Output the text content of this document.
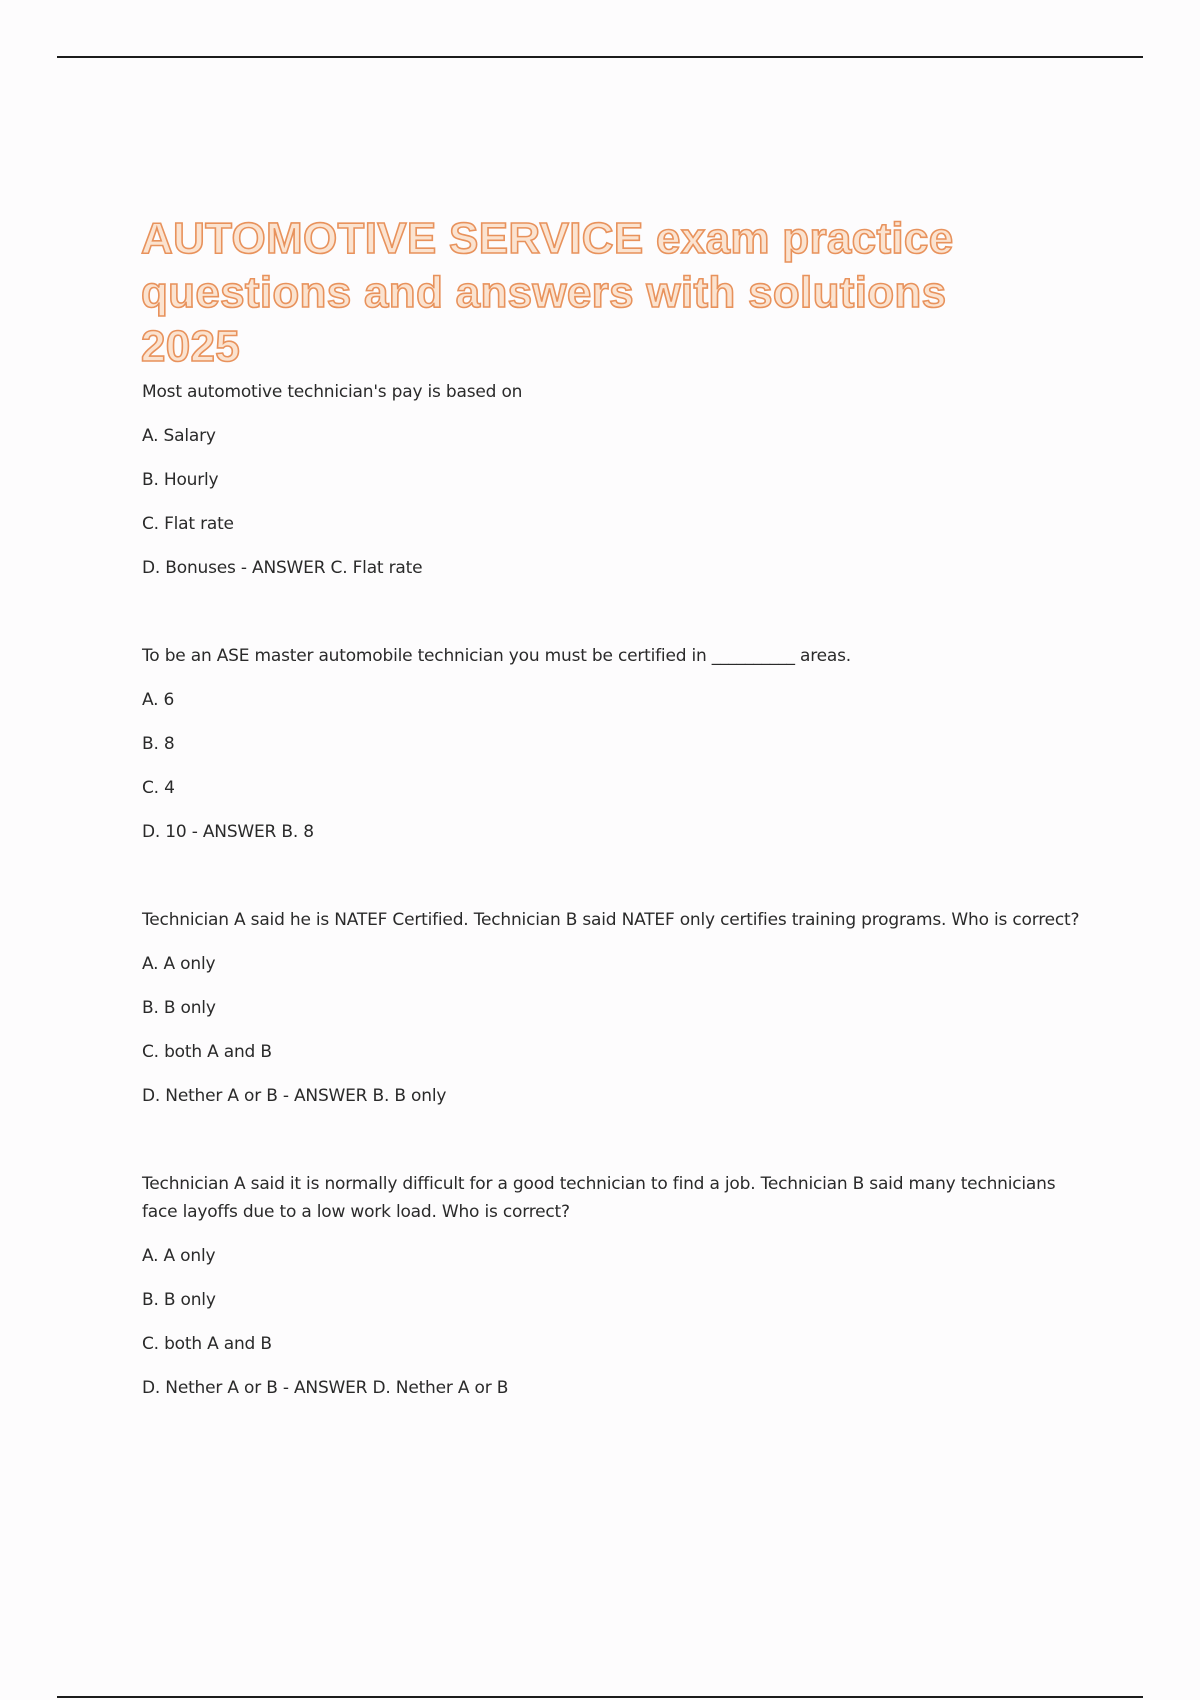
AUTOMOTIVE SERVICE exam practice questions and answers with solutions 2025

Most automotive technician's pay is based on

A. Salary

B. Hourly

C. Flat rate

D. Bonuses - ANSWER C. Flat rate

To be an ASE master automobile technician you must be certified in __________ areas.

A. 6

B. 8

C. 4

D. 10 - ANSWER B. 8

Technician A said he is NATEF Certified. Technician B said NATEF only certifies training programs. Who is correct?

A. A only

B. B only

C. both A and B

D. Nether A or B - ANSWER B. B only

Technician A said it is normally difficult for a good technician to find a job. Technician B said many technicians face layoffs due to a low work load. Who is correct?

A. A only

B. B only

C. both A and B

D. Nether A or B - ANSWER D. Nether A or B
